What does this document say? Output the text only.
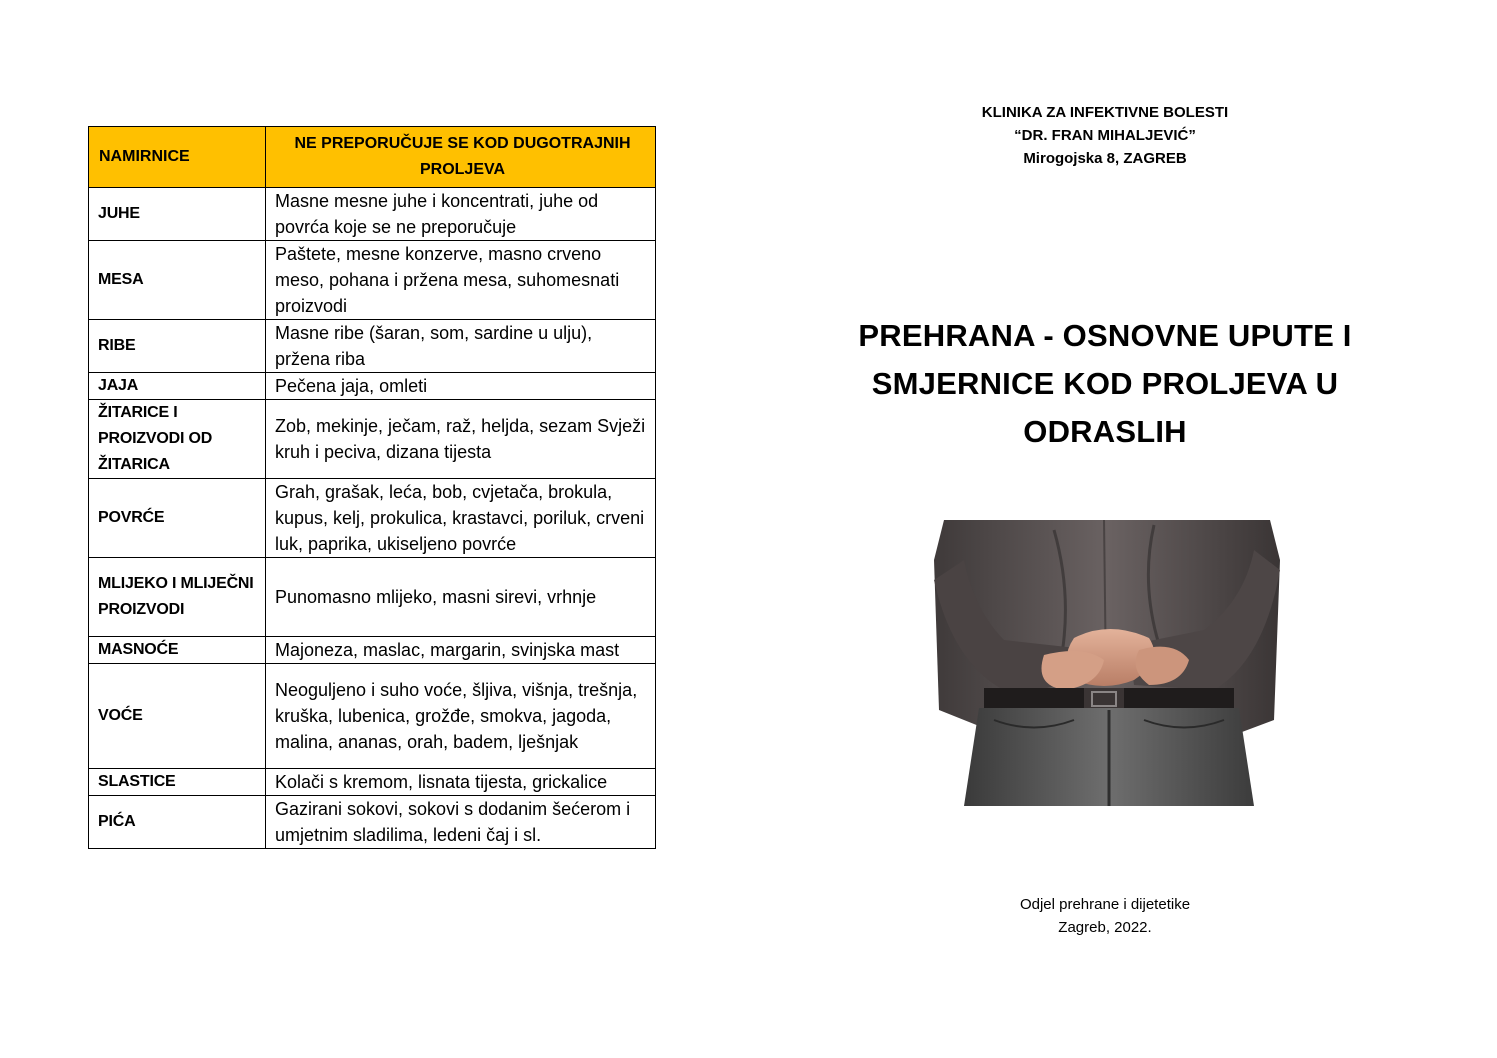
NAMIRNICE	NE PREPORUČUJE SE KOD DUGOTRAJNIH PROLJEVA
JUHE	Masne mesne juhe i koncentrati, juhe od povrća koje se ne preporučuje
MESA	Paštete, mesne konzerve, masno crveno meso, pohana i pržena mesa, suhomesnati proizvodi
RIBE	Masne ribe (šaran, som, sardine u ulju), pržena riba
JAJA	Pečena jaja, omleti
ŽITARICE I PROIZVODI OD ŽITARICA	Zob, mekinje, ječam, raž, heljda, sezam Svježi kruh i peciva, dizana tijesta
POVRĆE	Grah, grašak, leća, bob, cvjetača, brokula, kupus, kelj, prokulica, krastavci, poriluk, crveni luk, paprika, ukiseljeno povrće
MLIJEKO I MLIJEČNI PROIZVODI	Punomasno mlijeko, masni sirevi, vrhnje
MASNOĆE	Majoneza, maslac, margarin, svinjska mast
VOĆE	Neoguljeno i suho voće, šljiva, višnja, trešnja, kruška, lubenica, grožđe, smokva, jagoda, malina, ananas, orah, badem, lješnjak
SLASTICE	Kolači s kremom, lisnata tijesta, grickalice
PIĆA	Gazirani sokovi, sokovi s dodanim šećerom i umjetnim sladilima, ledeni čaj i sl.
KLINIKA ZA INFEKTIVNE BOLESTI
“DR. FRAN MIHALJEVIĆ”
Mirogojska 8, ZAGREB
PREHRANA - OSNOVNE UPUTE I
SMJERNICE KOD PROLJEVA U
ODRASLIH
Odjel prehrane i dijetetike
Zagreb, 2022.
